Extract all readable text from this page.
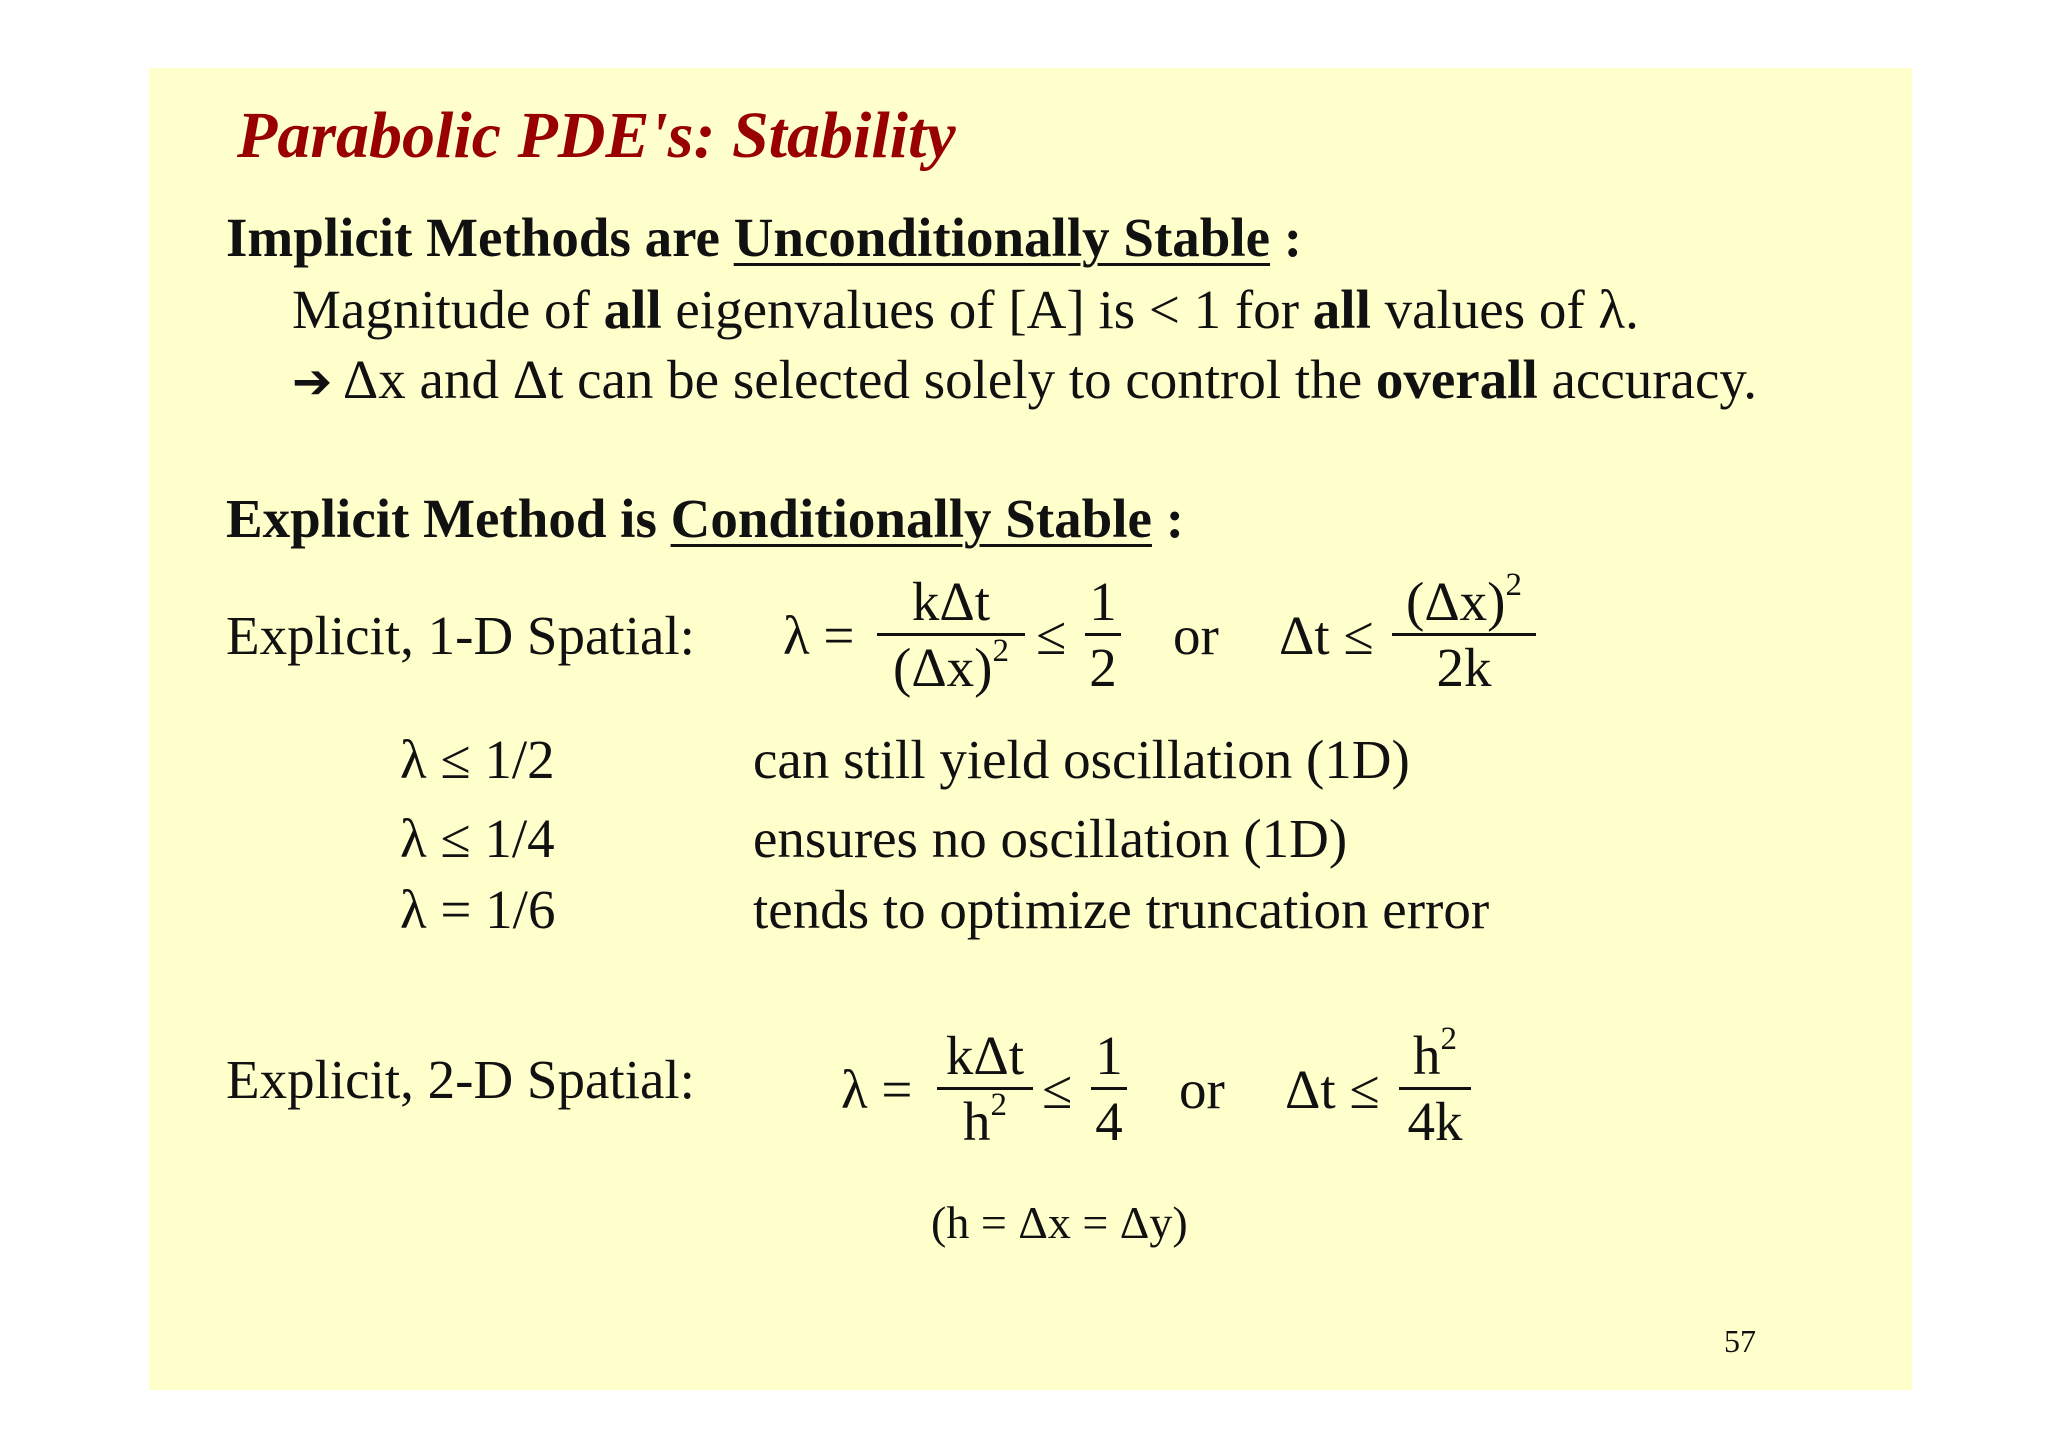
Parabolic PDE's: Stability
Implicit Methods are Unconditionally Stable :
Magnitude of all eigenvalues of [A] is < 1 for all values of λ.
➔ Δx and Δt can be selected solely to control the overall accuracy.
Explicit Method is Conditionally Stable :
Explicit, 1-D Spatial: λ =
kΔt
$(\Delta x)^2$ ≤
1
2
or Δt ≤
$(\Delta x)^2$
2k
λ ≤ 1/2	can still yield oscillation (1D)
λ ≤ 1/4	ensures no oscillation (1D)
λ = 1/6	tends to optimize truncation error
Explicit, 2-D Spatial:	λ =
kΔt
$h^2$ ≤
1
4
or Δt ≤
$h^2$
4k
(h = Δx = Δy)
57
